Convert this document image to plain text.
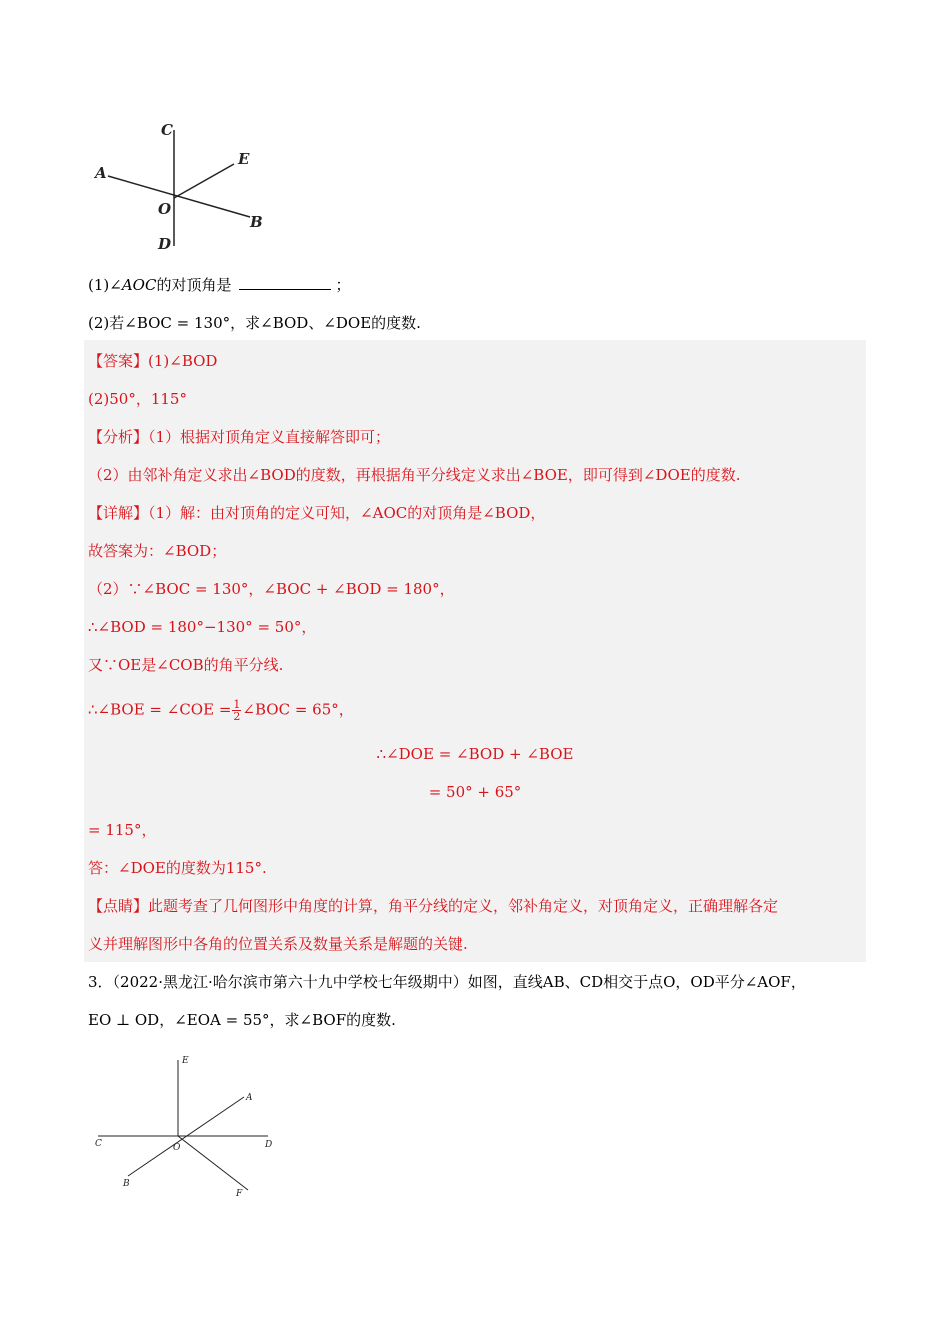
C
E
A
O
B
D
(1)∠AOC的对顶角是	；
(2)若∠BOC = 130°，求∠BOD、∠DOE的度数.
【答案】(1)∠BOD
(2)50°，115°
【分析】（1）根据对顶角定义直接解答即可；
（2）由邻补角定义求出∠BOD的度数，再根据角平分线定义求出∠BOE，即可得到∠DOE的度数.
【详解】（1）解：由对顶角的定义可知，∠AOC的对顶角是∠BOD，
故答案为：∠BOD；
（2）∵∠BOC = 130°，∠BOC + ∠BOD = 180°，
∴∠BOD = 180°−130° = 50°，
又∵OE是∠COB的角平分线.
∴∠BOE = ∠COE = $\frac{1}{2}$ ∠BOC = 65°，
∴∠DOE = ∠BOD + ∠BOE
= 50° + 65°
= 115°，
答：∠DOE的度数为115°.
【点睛】此题考查了几何图形中角度的计算，角平分线的定义，邻补角定义，对顶角定义，正确理解各定
义并理解图形中各角的位置关系及数量关系是解题的关键.
3．（2022·黑龙江·哈尔滨市第六十九中学校七年级期中）如图，直线AB、CD相交于点O，OD平分∠AOF，
EO ⊥ OD，∠EOA = 55°，求∠BOF的度数.
E
A
C	O	D
B
F
